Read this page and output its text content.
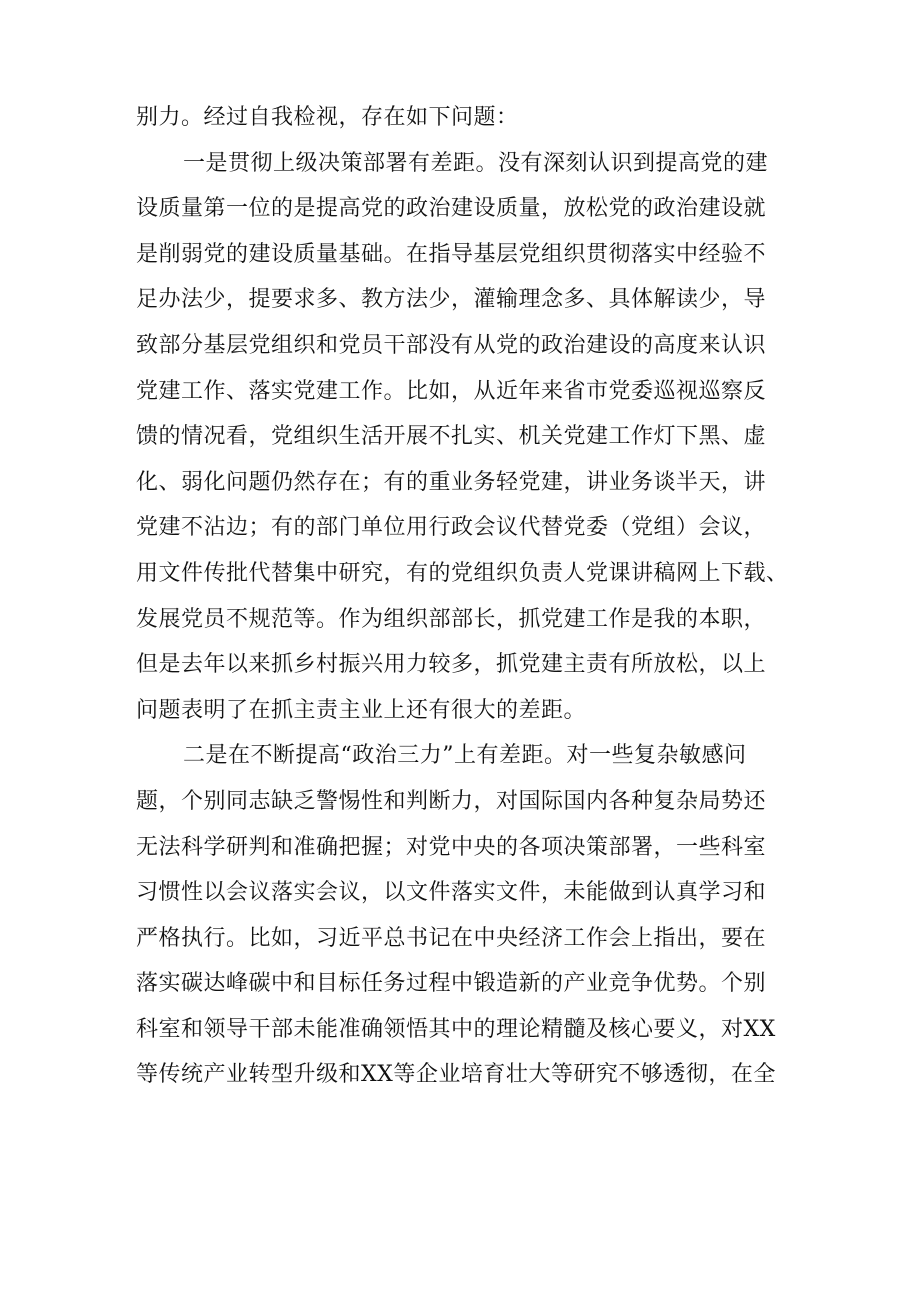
别力。经过自我检视，存在如下问题：
一是贯彻上级决策部署有差距。没有深刻认识到提高党的建
设质量第一位的是提高党的政治建设质量，放松党的政治建设就
是削弱党的建设质量基础。在指导基层党组织贯彻落实中经验不
足办法少，提要求多、教方法少，灌输理念多、具体解读少，导
致部分基层党组织和党员干部没有从党的政治建设的高度来认识
党建工作、落实党建工作。比如，从近年来省市党委巡视巡察反
馈的情况看，党组织生活开展不扎实、机关党建工作灯下黑、虚
化、弱化问题仍然存在；有的重业务轻党建，讲业务谈半天，讲
党建不沾边；有的部门单位用行政会议代替党委（党组）会议，
用文件传批代替集中研究，有的党组织负责人党课讲稿网上下载、
发展党员不规范等。作为组织部部长，抓党建工作是我的本职，
但是去年以来抓乡村振兴用力较多，抓党建主责有所放松，以上
问题表明了在抓主责主业上还有很大的差距。
二是在不断提高“政治三力”上有差距。对一些复杂敏感问
题，个别同志缺乏警惕性和判断力，对国际国内各种复杂局势还
无法科学研判和准确把握；对党中央的各项决策部署，一些科室
习惯性以会议落实会议，以文件落实文件，未能做到认真学习和
严格执行。比如，习近平总书记在中央经济工作会上指出，要在
落实碳达峰碳中和目标任务过程中锻造新的产业竞争优势。个别
科室和领导干部未能准确领悟其中的理论精髓及核心要义，对XX
等传统产业转型升级和XX等企业培育壮大等研究不够透彻，在全
